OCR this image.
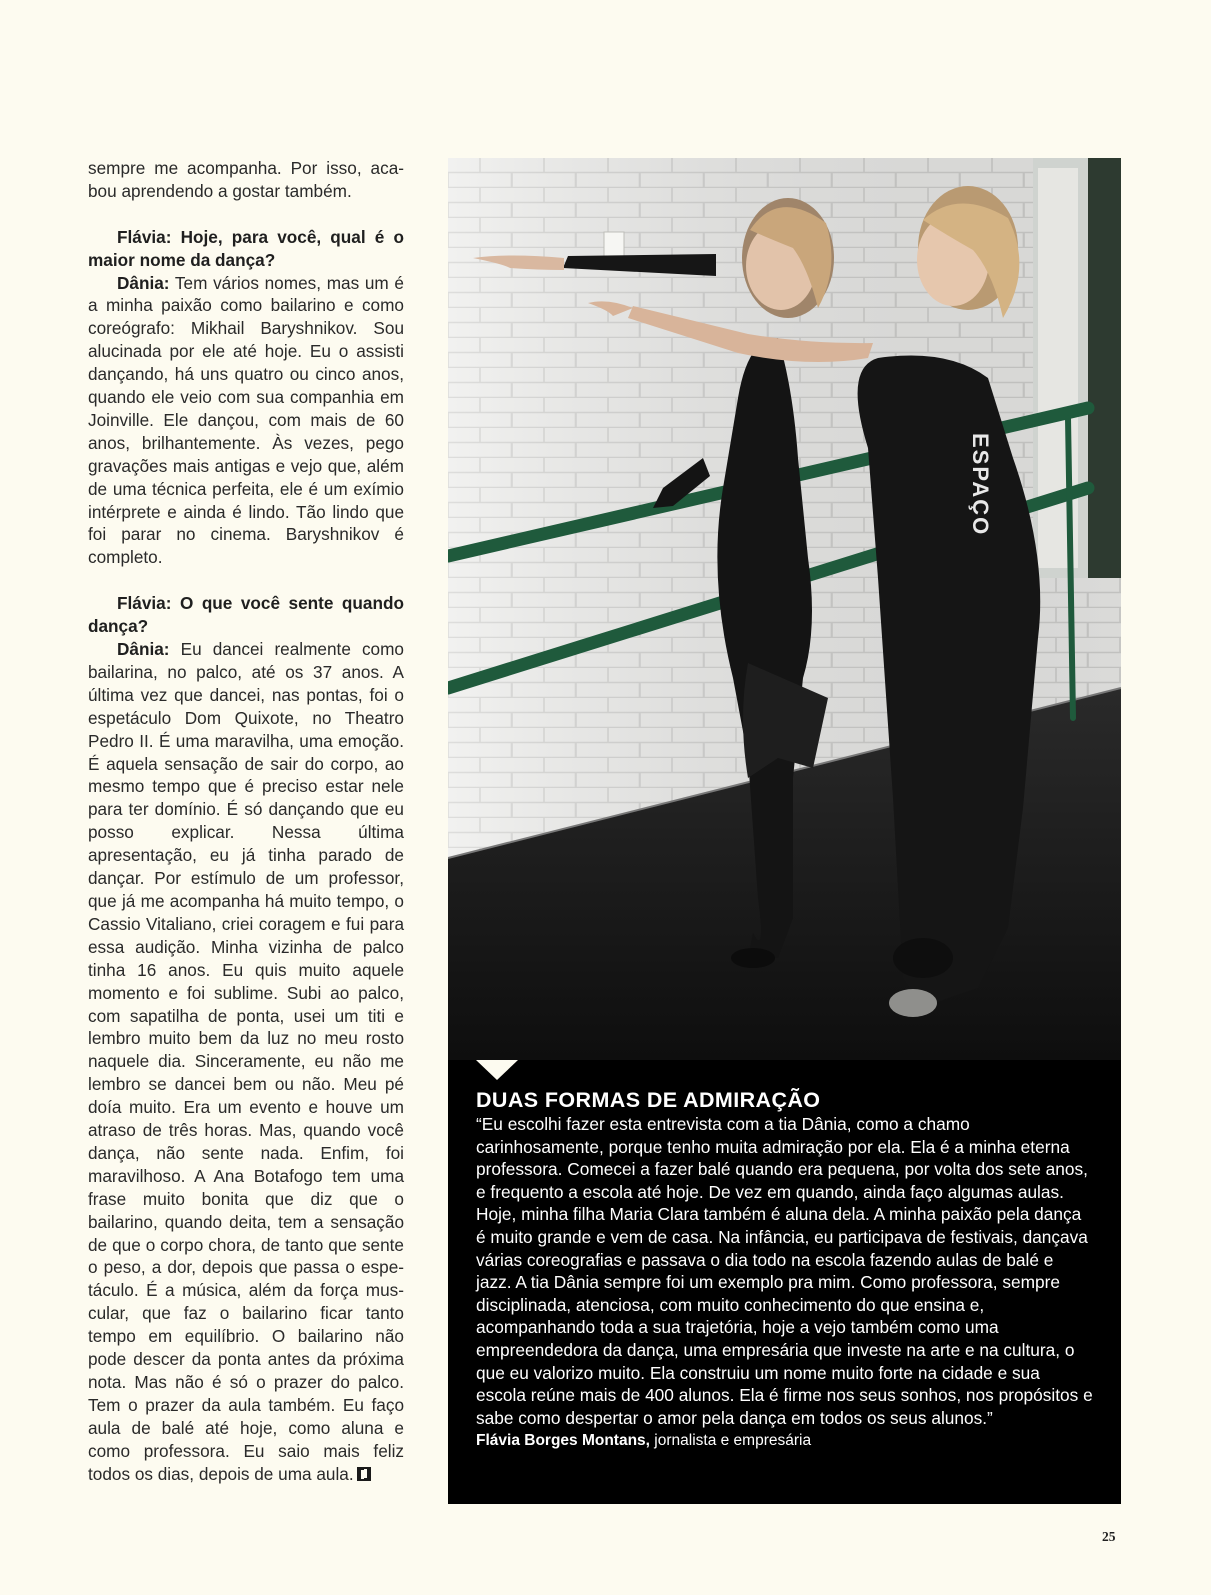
sempre me acompanha. Por isso, acabou aprendendo a gostar também.

Flávia: Hoje, para você, qual é o maior nome da dança?

Dânia: Tem vários nomes, mas um é a minha paixão como bailarino e como coreógrafo: Mikhail Baryshnikov. Sou alucinada por ele até hoje. Eu o assisti dançando, há uns quatro ou cinco anos, quando ele veio com sua companhia em Joinville. Ele dançou, com mais de 60 anos, brilhantemente. Às vezes, pego gravações mais antigas e vejo que, além de uma técnica perfeita, ele é um exímio intérprete e ainda é lindo. Tão lindo que foi parar no cinema. Baryshnikov é completo.

Flávia: O que você sente quando dança?

Dânia: Eu dancei realmente como bailarina, no palco, até os 37 anos. A última vez que dancei, nas pontas, foi o espetáculo Dom Quixote, no Theatro Pedro II. É uma maravilha, uma emoção. É aquela sensação de sair do corpo, ao mesmo tempo que é preciso estar nele para ter domínio. É só dançando que eu posso explicar. Nessa última apresentação, eu já tinha parado de dançar. Por estímulo de um professor, que já me acompanha há muito tempo, o Cassio Vitaliano, criei coragem e fui para essa audição. Minha vizinha de palco tinha 16 anos. Eu quis muito aquele momento e foi sublime. Subi ao palco, com sapatilha de ponta, usei um titi e lembro muito bem da luz no meu rosto naquele dia. Sinceramente, eu não me lembro se dancei bem ou não. Meu pé doía muito. Era um evento e houve um atraso de três horas. Mas, quando você dança, não sente nada. Enfim, foi maravilhoso. A Ana Botafogo tem uma frase muito bonita que diz que o bailarino, quando deita, tem a sensação de que o corpo chora, de tanto que sente o peso, a dor, depois que passa o espetáculo. É a música, além da força muscular, que faz o bailarino ficar tanto tempo em equilíbrio. O bailarino não pode descer da ponta antes da próxima nota. Mas não é só o prazer do palco. Tem o prazer da aula também. Eu faço aula de balé até hoje, como aluna e como professora. Eu saio mais feliz todos os dias, depois de uma aula.

ESPAÇO
DUAS FORMAS DE ADMIRAÇÃO

“Eu escolhi fazer esta entrevista com a tia Dânia, como a chamo carinhosamente, porque tenho muita admiração por ela. Ela é a minha eterna professora. Comecei a fazer balé quando era pequena, por volta dos sete anos, e frequento a escola até hoje. De vez em quando, ainda faço algumas aulas. Hoje, minha filha Maria Clara também é aluna dela. A minha paixão pela dança é muito grande e vem de casa. Na infância, eu participava de festivais, dançava várias coreografias e passava o dia todo na escola fazendo aulas de balé e jazz. A tia Dânia sempre foi um exemplo pra mim. Como professora, sempre disciplinada, atenciosa, com muito conhecimento do que ensina e, acompanhando toda a sua trajetória, hoje a vejo também como uma empreendedora da dança, uma empresária que investe na arte e na cultura, o que eu valorizo muito. Ela construiu um nome muito forte na cidade e sua escola reúne mais de 400 alunos. Ela é firme nos seus sonhos, nos propósitos e sabe como despertar o amor pela dança em todos os seus alunos.”

Flávia Borges Montans, jornalista e empresária

25
